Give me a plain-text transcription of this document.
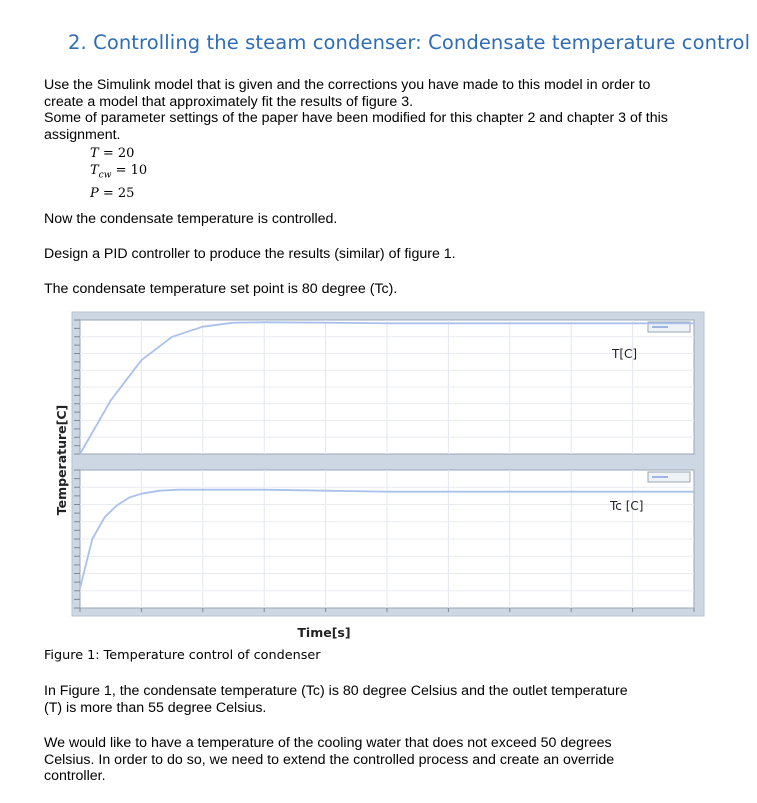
2. Controlling the steam condenser: Condensate temperature control
Use the Simulink model that is given and the corrections you have made to this model in order to
create a model that approximately fit the results of figure 3.
Some of parameter settings of the paper have been modified for this chapter 2 and chapter 3 of this
assignment.
T = 20
$T_{cw} = 10$
P = 25
Now the condensate temperature is controlled.
Design a PID controller to produce the results (similar) of figure 1.
The condensate temperature set point is 80 degree (Tc).
T[C]
Tc [C]
Temperature[C]
Time[s]
Figure 1: Temperature control of condenser
In Figure 1, the condensate temperature (Tc) is 80 degree Celsius and the outlet temperature
(T) is more than 55 degree Celsius.
We would like to have a temperature of the cooling water that does not exceed 50 degrees
Celsius. In order to do so, we need to extend the controlled process and create an override
controller.
